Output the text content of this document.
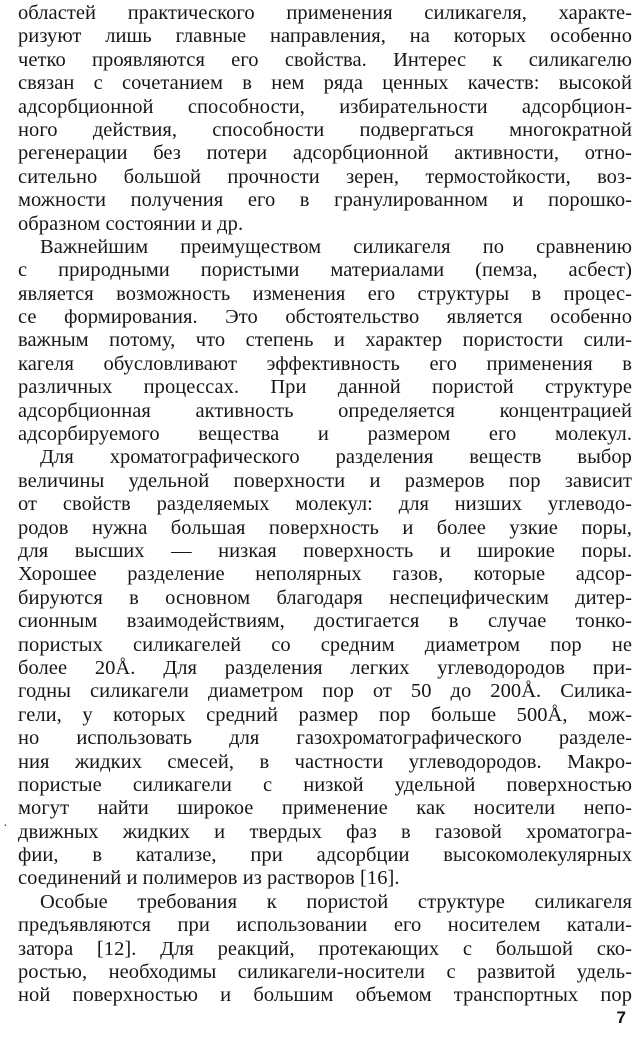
областей практического применения силикагеля, характе-
ризуют лишь главные направления, на которых особенно
четко проявляются его свойства. Интерес к силикагелю
связан с сочетанием в нем ряда ценных качеств: высокой
адсорбционной способности, избирательности адсорбцион-
ного действия, способности подвергаться многократной
регенерации без потери адсорбционной активности, отно-
сительно большой прочности зерен, термостойкости, воз-
можности получения его в гранулированном и порошко-
образном состоянии и др.
Важнейшим преимуществом силикагеля по сравнению
с природными пористыми материалами (пемза, асбест)
является возможность изменения его структуры в процес-
се формирования. Это обстоятельство является особенно
важным потому, что степень и характер пористости сили-
кагеля обусловливают эффективность его применения в
различных процессах. При данной пористой структуре
адсорбционная активность определяется концентрацией
адсорбируемого вещества и размером его молекул.
Для хроматографического разделения веществ выбор
величины удельной поверхности и размеров пор зависит
от свойств разделяемых молекул: для низших углеводо-
родов нужна большая поверхность и более узкие поры,
для высших — низкая поверхность и широкие поры.
Хорошее разделение неполярных газов, которые адсор-
бируются в основном благодаря неспецифическим дитер-
сионным взаимодействиям, достигается в случае тонко-
пористых силикагелей со средним диаметром пор не
более 20Å. Для разделения легких углеводородов при-
годны силикагели диаметром пор от 50 до 200Å. Силика-
гели, у которых средний размер пор больше 500Å, мож-
но использовать для газохроматографического разделе-
ния жидких смесей, в частности углеводородов. Макро-
пористые силикагели с низкой удельной поверхностью
могут найти широкое применение как носители непо-
движных жидких и твердых фаз в газовой хроматогра-
фии, в катализе, при адсорбции высокомолекулярных
соединений и полимеров из растворов [16].
Особые требования к пористой структуре силикагеля
предъявляются при использовании его носителем катали-
затора [12]. Для реакций, протекающих с большой ско-
ростью, необходимы силикагели-носители с развитой удель-
ной поверхностью и большим объемом транспортных пор
·
7
